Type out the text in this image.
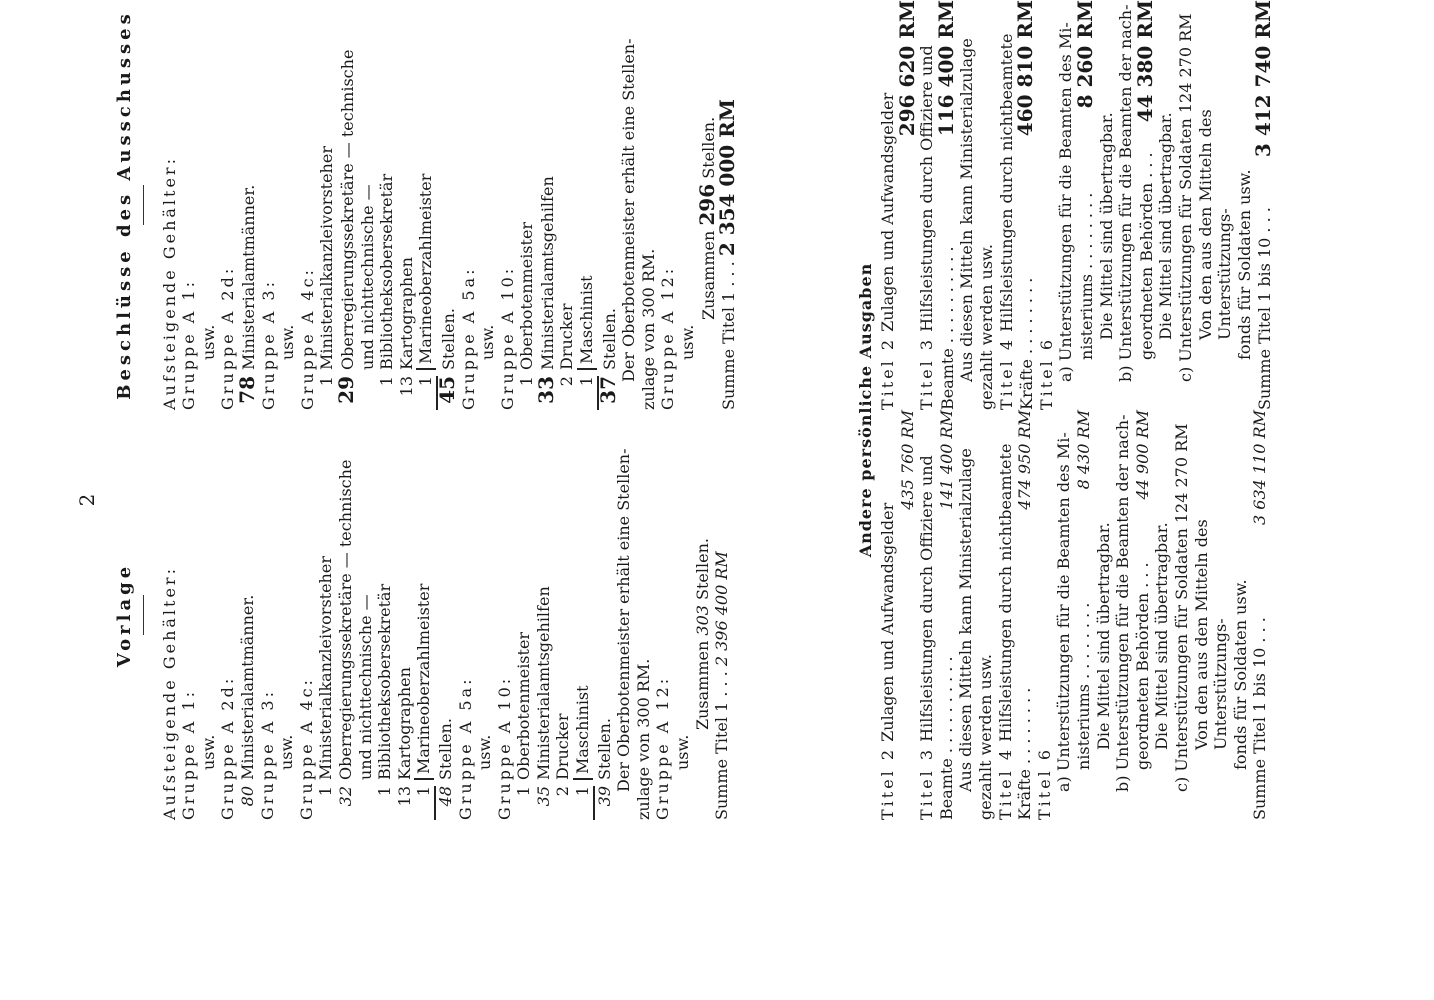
2
Vorlage Aufsteigende Gehälter: Gruppe A 1: usw. Gruppe A 2d: 80
Ministerialamtmänner. Gruppe A 3: usw. Gruppe A 4c: 1
Ministerialkanzleivorsteher
32
Oberregierungssekretäre — technische und nichttechnische —
1
Bibliotheksobersekretär
13
Kartographen
1
Marineoberzahlmeister
48
Stellen. Gruppe A 5a: usw. Gruppe A 10: 1
Oberbotenmeister
35
Ministerialamtsgehilfen
2
Drucker
1
Maschinist
39
Stellen. Der Oberbotenmeister erhält eine Stellen- zulage von 300 RM. Gruppe A 12: usw.
Zusammen 303 Stellen.
Summe Titel 1 . . . 2 396 400 RM
Beschlüsse des Ausschusses Aufsteigende Gehälter: Gruppe A 1: usw. Gruppe A 2d:
78
Ministerialamtmänner. Gruppe A 3: usw. Gruppe A 4c: 1
Ministerialkanzleivorsteher
29
Oberregierungssekretäre — technische und nichttechnische —
1
Bibliotheksobersekretär
13
Kartographen
1
Marineoberzahlmeister
45
Stellen. Gruppe A 5a: usw. Gruppe A 10: 1
Oberbotenmeister
33
Ministerialamtsgehilfen
2
Drucker
1
Maschinist
37
Stellen. Der Oberbotenmeister erhält eine Stellen- zulage von 300 RM. Gruppe A 12: usw.
Zusammen 296 Stellen.
Summe Titel 1 . . . 2 354 000 RM
Andere persönliche Ausgaben
Titel 2 Zulagen und Aufwandsgelder
435 760 RM
Titel 3 Hilfsleistungen durch Offiziere und Beamte . . . . . . . . . .
141 400 RM Aus diesen Mitteln kann Ministerialzulage gezahlt werden usw. Titel 4 Hilfsleistungen durch nichtbeamtete
Kräfte . . . . . . . .
474 950 RM
Titel 6 a) Unterstützungen für die Beamten des Mi- nisteriums . . . . . . . .
8 430 RM
Die Mittel sind übertragbar. b) Unterstützungen für die Beamten der nach- geordneten Behörden . . .
44 900 RM
Die Mittel sind übertragbar. c) Unterstützungen für Soldaten 124 270 RM Von den aus den Mitteln des Unterstützungs- fonds für Soldaten usw. Summe Titel 1 bis 10 . . .
3 634 110 RM
Titel 2 Zulagen und Aufwandsgelder
296 620 RM
Titel 3 Hilfsleistungen durch Offiziere und Beamte . . . . . . . . . .
116 400 RM Aus diesen Mitteln kann Ministerialzulage gezahlt werden usw. Titel 4 Hilfsleistungen durch nichtbeamtete
Kräfte . . . . . . . .
460 810 RM
Titel 6 a) Unterstützungen für die Beamten des Mi- nisteriums . . . . . . . .
8 260 RM
Die Mittel sind übertragbar. b) Unterstützungen für die Beamten der nach- geordneten Behörden . . .
44 380 RM
Die Mittel sind übertragbar. c) Unterstützungen für Soldaten 124 270 RM Von den aus den Mitteln des Unterstützungs- fonds für Soldaten usw. Summe Titel 1 bis 10 . . .
3 412 740 RM
